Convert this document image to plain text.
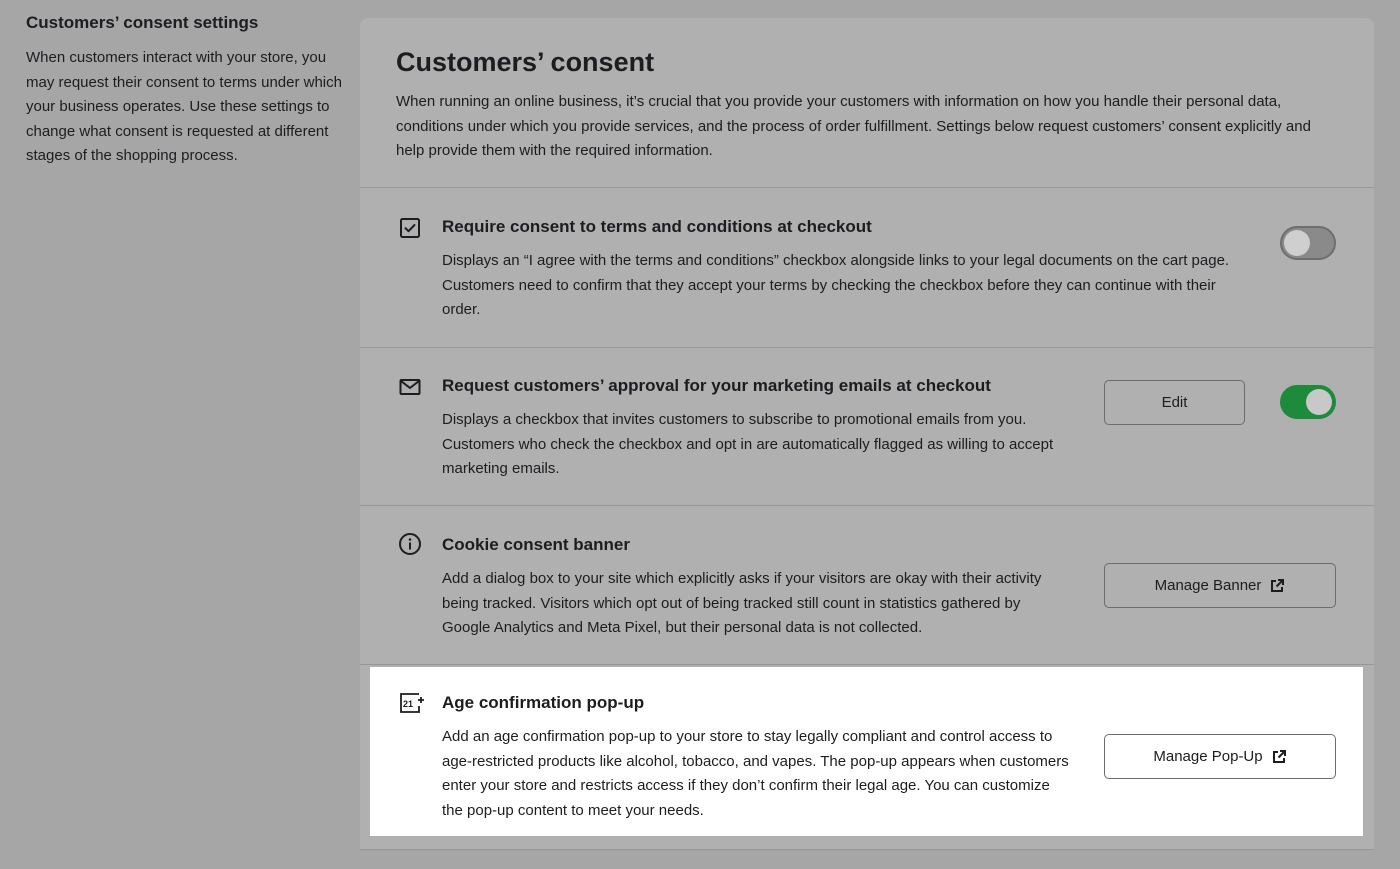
Customers’ consent settings
When customers interact with your store, you may request their consent to terms under which your business operates. Use these settings to change what consent is requested at different stages of the shopping process.
Customers’ consent
When running an online business, it’s crucial that you provide your customers with information on how you handle their personal data, conditions under which you provide services, and the process of order fulfillment. Settings below request customers’ consent explicitly and help provide them with the required information.
Require consent to terms and conditions at checkout
Displays an “I agree with the terms and conditions” checkbox alongside links to your legal documents on the cart page. Customers need to confirm that they accept your terms by checking the checkbox before they can continue with their order.
Request customers’ approval for your marketing emails at checkout
Displays a checkbox that invites customers to subscribe to promotional emails from you. Customers who check the checkbox and opt in are automatically flagged as willing to accept marketing emails.
Edit
Cookie consent banner
Add a dialog box to your site which explicitly asks if your visitors are okay with their activity being tracked. Visitors which opt out of being tracked still count in statistics gathered by Google Analytics and Meta Pixel, but their personal data is not collected.
Manage Banner
21 Age confirmation pop-up
Add an age confirmation pop-up to your store to stay legally compliant and control access to age-restricted products like alcohol, tobacco, and vapes. The pop-up appears when customers enter your store and restricts access if they don’t confirm their legal age. You can customize the pop-up content to meet your needs.
Manage Pop-Up
